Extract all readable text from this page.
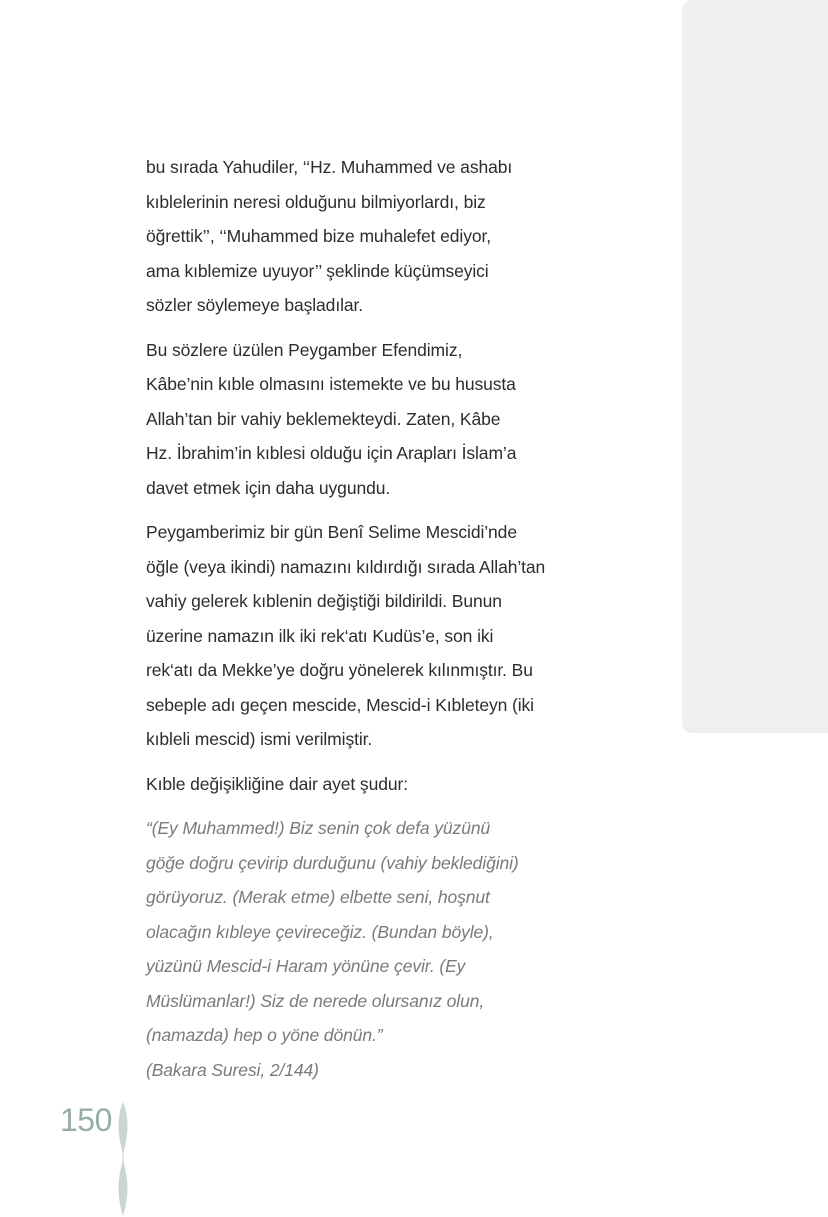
bu sırada Yahudiler, ‘‘Hz. Muhammed ve ashabı
kıblelerinin neresi olduğunu bilmiyorlardı, biz
öğrettik’’, ‘‘Muhammed bize muhalefet ediyor,
ama kıblemize uyuyor’’ şeklinde küçümseyici
sözler söylemeye başladılar.

Bu sözlere üzülen Peygamber Efendimiz,
Kâbe’nin kıble olmasını istemekte ve bu hususta
Allah’tan bir vahiy beklemekteydi. Zaten, Kâbe
Hz. İbrahim’in kıblesi olduğu için Arapları İslam’a
davet etmek için daha uygundu.

Peygamberimiz bir gün Benî Selime Mescidi’nde
öğle (veya ikindi) namazını kıldırdığı sırada Allah’tan
vahiy gelerek kıblenin değiştiği bildirildi. Bunun
üzerine namazın ilk iki rek‘atı Kudüs’e, son iki
rek‘atı da Mekke’ye doğru yönelerek kılınmıştır. Bu
sebeple adı geçen mescide, Mescid-i Kıbleteyn (iki
kıbleli mescid) ismi verilmiştir.

Kıble değişikliğine dair ayet şudur:

“(Ey Muhammed!) Biz senin çok defa yüzünü
göğe doğru çevirip durduğunu (vahiy beklediğini)
görüyoruz. (Merak etme) elbette seni, hoşnut
olacağın kıbleye çevireceğiz. (Bundan böyle),
yüzünü Mescid-i Haram yönüne çevir. (Ey
Müslümanlar!) Siz de nerede olursanız olun,
(namazda) hep o yöne dönün.”
(Bakara Suresi, 2/144)

150
